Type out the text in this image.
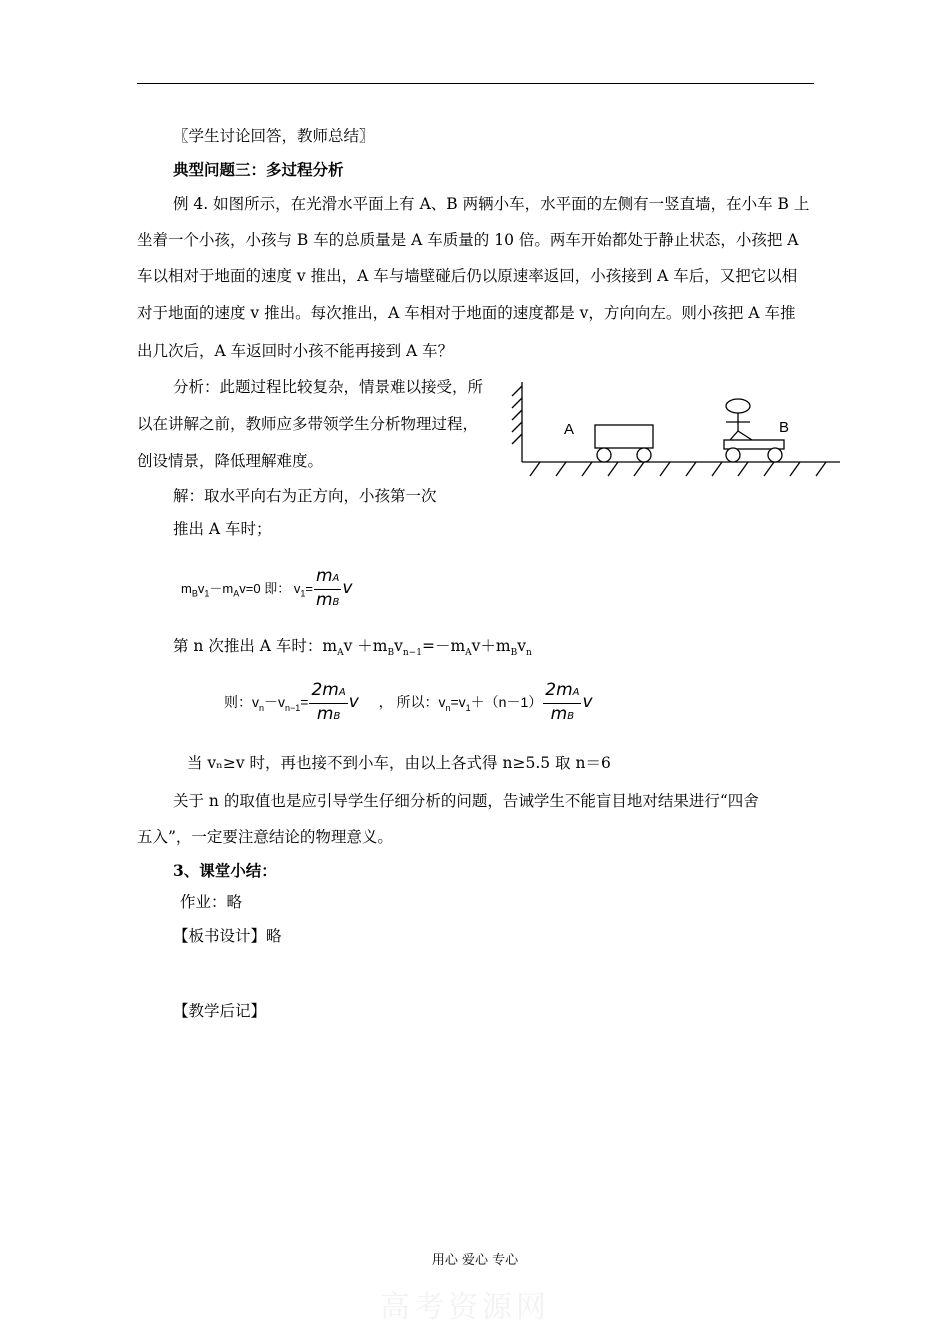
〖学生讨论回答，教师总结〗
典型问题三：多过程分析
例 4. 如图所示，在光滑水平面上有 A、B 两辆小车，水平面的左侧有一竖直墙，在小车 B 上
坐着一个小孩，小孩与 B 车的总质量是 A 车质量的 10 倍。两车开始都处于静止状态，小孩把 A
车以相对于地面的速度 v 推出，A 车与墙壁碰后仍以原速率返回，小孩接到 A 车后，又把它以相
对于地面的速度 v 推出。每次推出，A 车相对于地面的速度都是 v，方向向左。则小孩把 A 车推
出几次后，A 车返回时小孩不能再接到 A 车？
分析：此题过程比较复杂，情景难以接受，所
以在讲解之前，教师应多带领学生分析物理过程，
创设情景，降低理解难度。
解：取水平向右为正方向，小孩第一次
推出 A 车时；
A	B
$m_Bv_1-m_Av=0$ 即： $v_1= \frac{mA}{mB}$ v
第 n 次推出 A 车时：$m_Av +m_Bv_{n-1}=-m_Av+m_Bv_n$
则：$v_n-v_{n-1}= \frac{2mA}{mB}$ v ， 所以：$v_n=v_1+(n-1) \frac{2mA}{mB}$ v
当 vₙ≥v 时，再也接不到小车，由以上各式得 n≥5.5 取 n＝6
关于 n 的取值也是应引导学生仔细分析的问题，告诫学生不能盲目地对结果进行“四舍
五入”，一定要注意结论的物理意义。
3、课堂小结：
作业：略
【板书设计】略
【教学后记】
用心 爱心 专心
高考资源网
